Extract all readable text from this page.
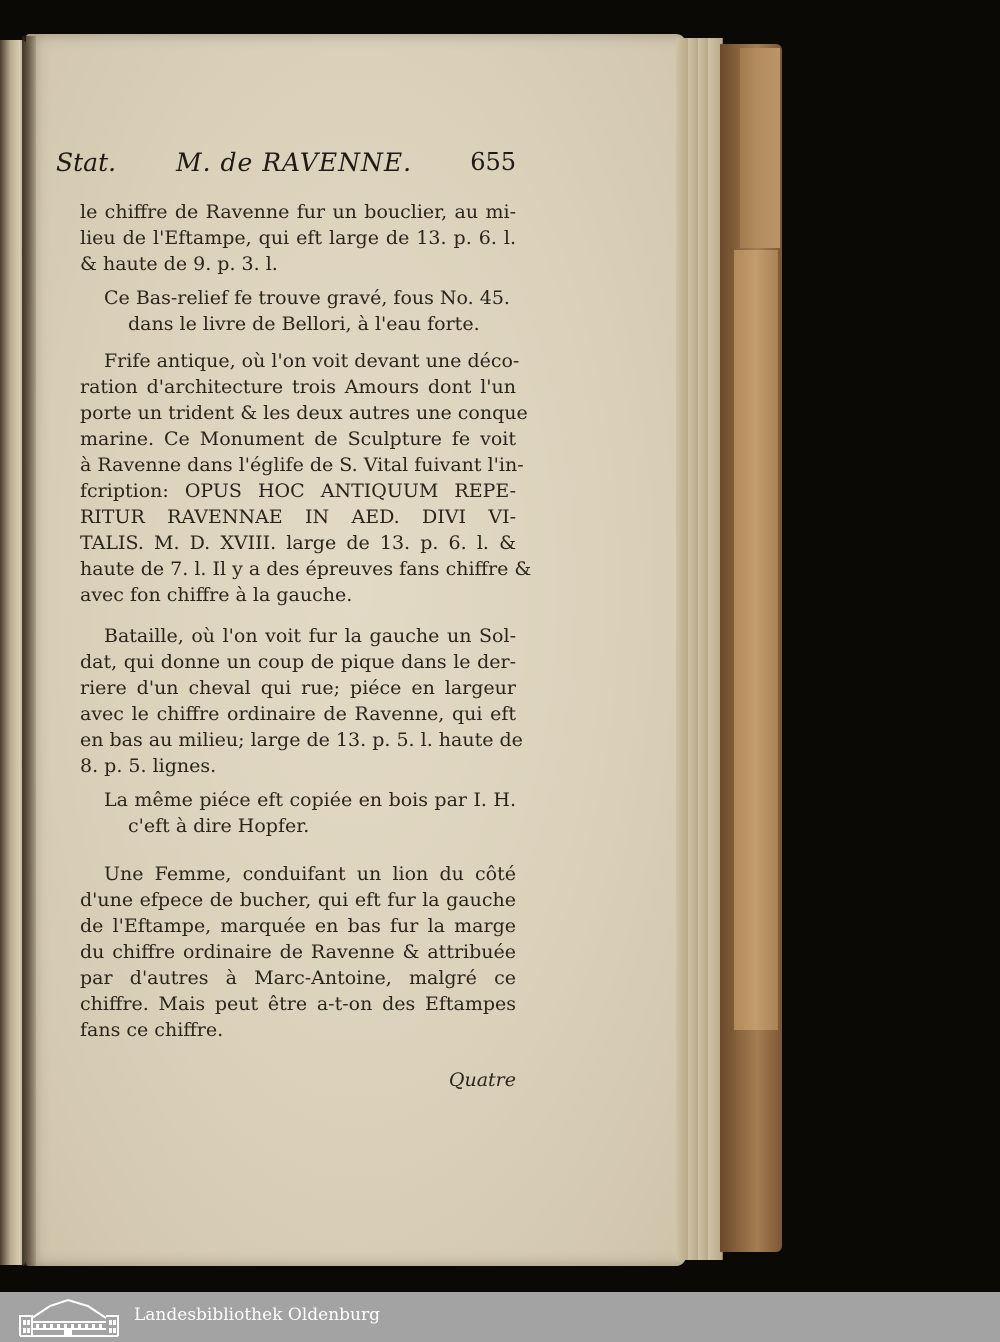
Stat. M. de RAVENNE. 655
le chiffre de Ravenne fur un bouclier, au mi-
lieu de l'Eftampe, qui eft large de 13. p. 6. l.
& haute de 9. p. 3. l.
Ce Bas-relief fe trouve gravé, fous No. 45.
dans le livre de Bellori, à l'eau forte.
Frife antique, où l'on voit devant une déco-
ration d'architecture trois Amours dont l'un
porte un trident & les deux autres une conque
marine. Ce Monument de Sculpture fe voit
à Ravenne dans l'églife de S. Vital fuivant l'in-
fcription: OPUS HOC ANTIQUUM REPE-
RITUR RAVENNAE IN AED. DIVI VI-
TALIS. M. D. XVIII. large de 13. p. 6. l. &
haute de 7. l. Il y a des épreuves fans chiffre &
avec fon chiffre à la gauche.
Bataille, où l'on voit fur la gauche un Sol-
dat, qui donne un coup de pique dans le der-
riere d'un cheval qui rue; piéce en largeur
avec le chiffre ordinaire de Ravenne, qui eft
en bas au milieu; large de 13. p. 5. l. haute de
8. p. 5. lignes.
La même piéce eft copiée en bois par I. H.
c'eft à dire Hopfer.
Une Femme, conduifant un lion du côté
d'une efpece de bucher, qui eft fur la gauche
de l'Eftampe, marquée en bas fur la marge
du chiffre ordinaire de Ravenne & attribuée
par d'autres à Marc-Antoine, malgré ce
chiffre. Mais peut être a-t-on des Eftampes
fans ce chiffre.
Quatre
Landesbibliothek Oldenburg
